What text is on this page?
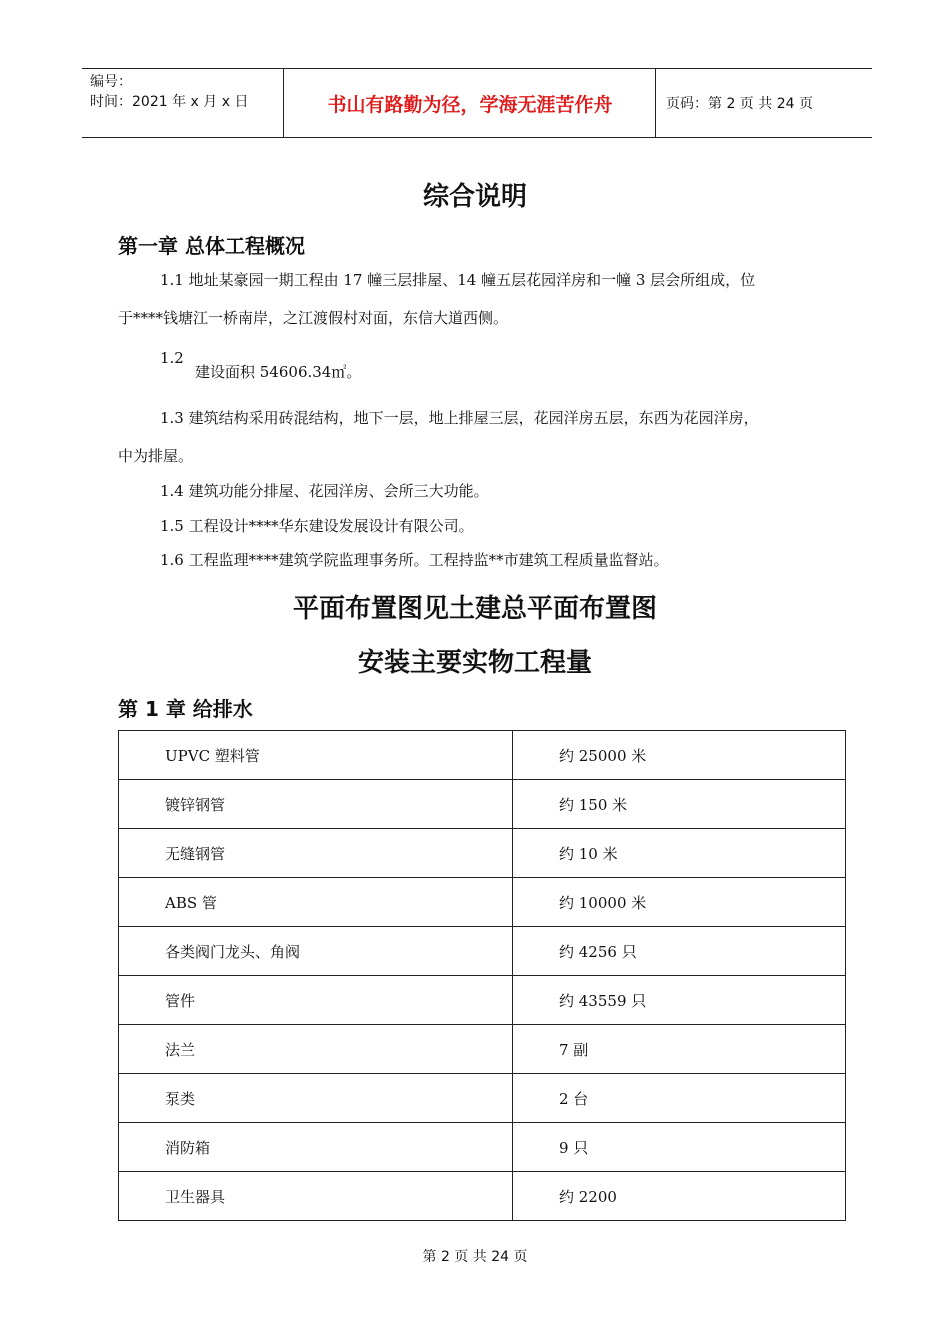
编号：
时间：2021 年 x 月 x 日	书山有路勤为径，学海无涯苦作舟	页码：第 2 页 共 24 页
综合说明
第一章 总体工程概况
1.1 地址某豪园一期工程由 17 幢三层排屋、14 幢五层花园洋房和一幢 3 层会所组成，位
于****钱塘江一桥南岸，之江渡假村对面，东信大道西侧。
1.2
建设面积 54606.34㎡。
1.3 建筑结构采用砖混结构，地下一层，地上排屋三层，花园洋房五层，东西为花园洋房，
中为排屋。
1.4 建筑功能分排屋、花园洋房、会所三大功能。
1.5 工程设计****华东建设发展设计有限公司。
1.6 工程监理****建筑学院监理事务所。工程持监**市建筑工程质量监督站。
平面布置图见土建总平面布置图
安装主要实物工程量
第 1 章 给排水
UPVC 塑料管	约 25000 米
镀锌钢管	约 150 米
无缝钢管	约 10 米
ABS 管	约 10000 米
各类阀门龙头、角阀	约 4256 只
管件	约 43559 只
法兰	7 副
泵类	2 台
消防箱	9 只
卫生器具	约 2200
第 2 页 共 24 页
